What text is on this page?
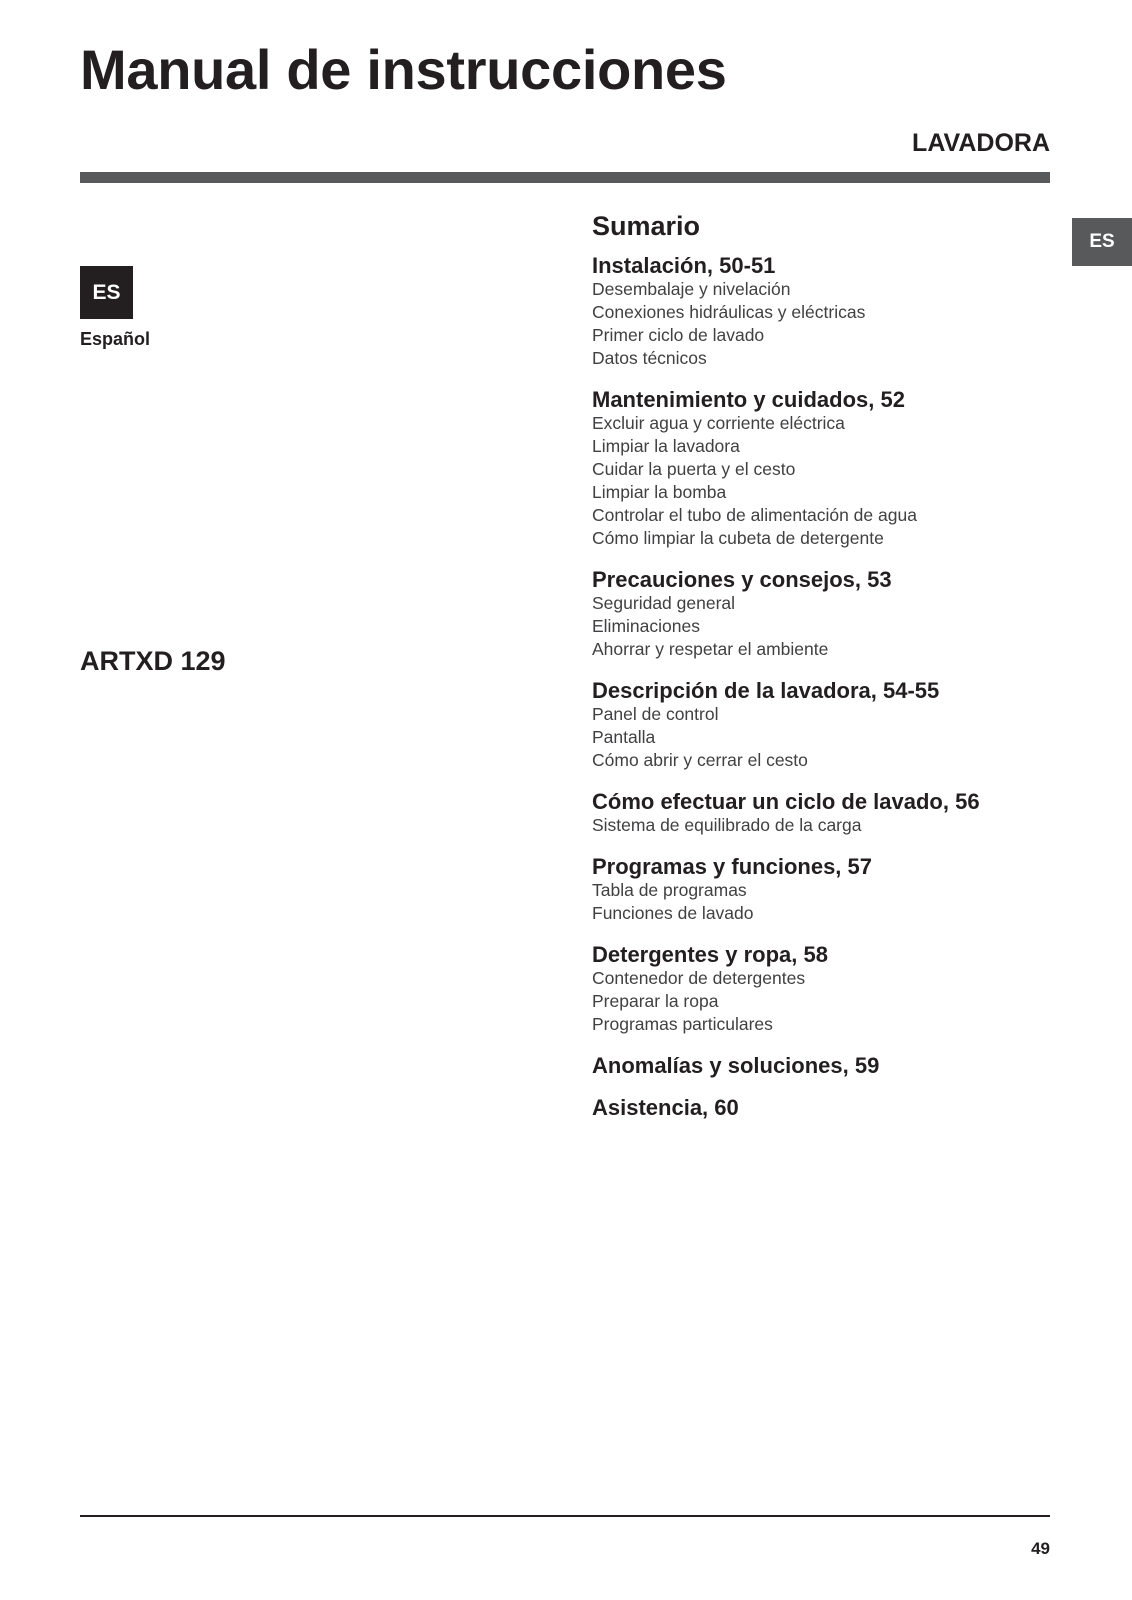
Manual de instrucciones
LAVADORA
ES
ES
Español
ARTXD 129
Sumario
Instalación, 50-51
Desembalaje y nivelación
Conexiones hidráulicas y eléctricas
Primer ciclo de lavado
Datos técnicos
Mantenimiento y cuidados, 52
Excluir agua y corriente eléctrica
Limpiar la lavadora
Cuidar la puerta y el cesto
Limpiar la bomba
Controlar el tubo de alimentación de agua
Cómo limpiar la cubeta de detergente
Precauciones y consejos, 53
Seguridad general
Eliminaciones
Ahorrar y respetar el ambiente
Descripción de la lavadora, 54-55
Panel de control
Pantalla
Cómo abrir y cerrar el cesto
Cómo efectuar un ciclo de lavado, 56
Sistema de equilibrado de la carga
Programas y funciones, 57
Tabla de programas
Funciones de lavado
Detergentes y ropa, 58
Contenedor de detergentes
Preparar la ropa
Programas particulares
Anomalías y soluciones, 59
Asistencia, 60
49
